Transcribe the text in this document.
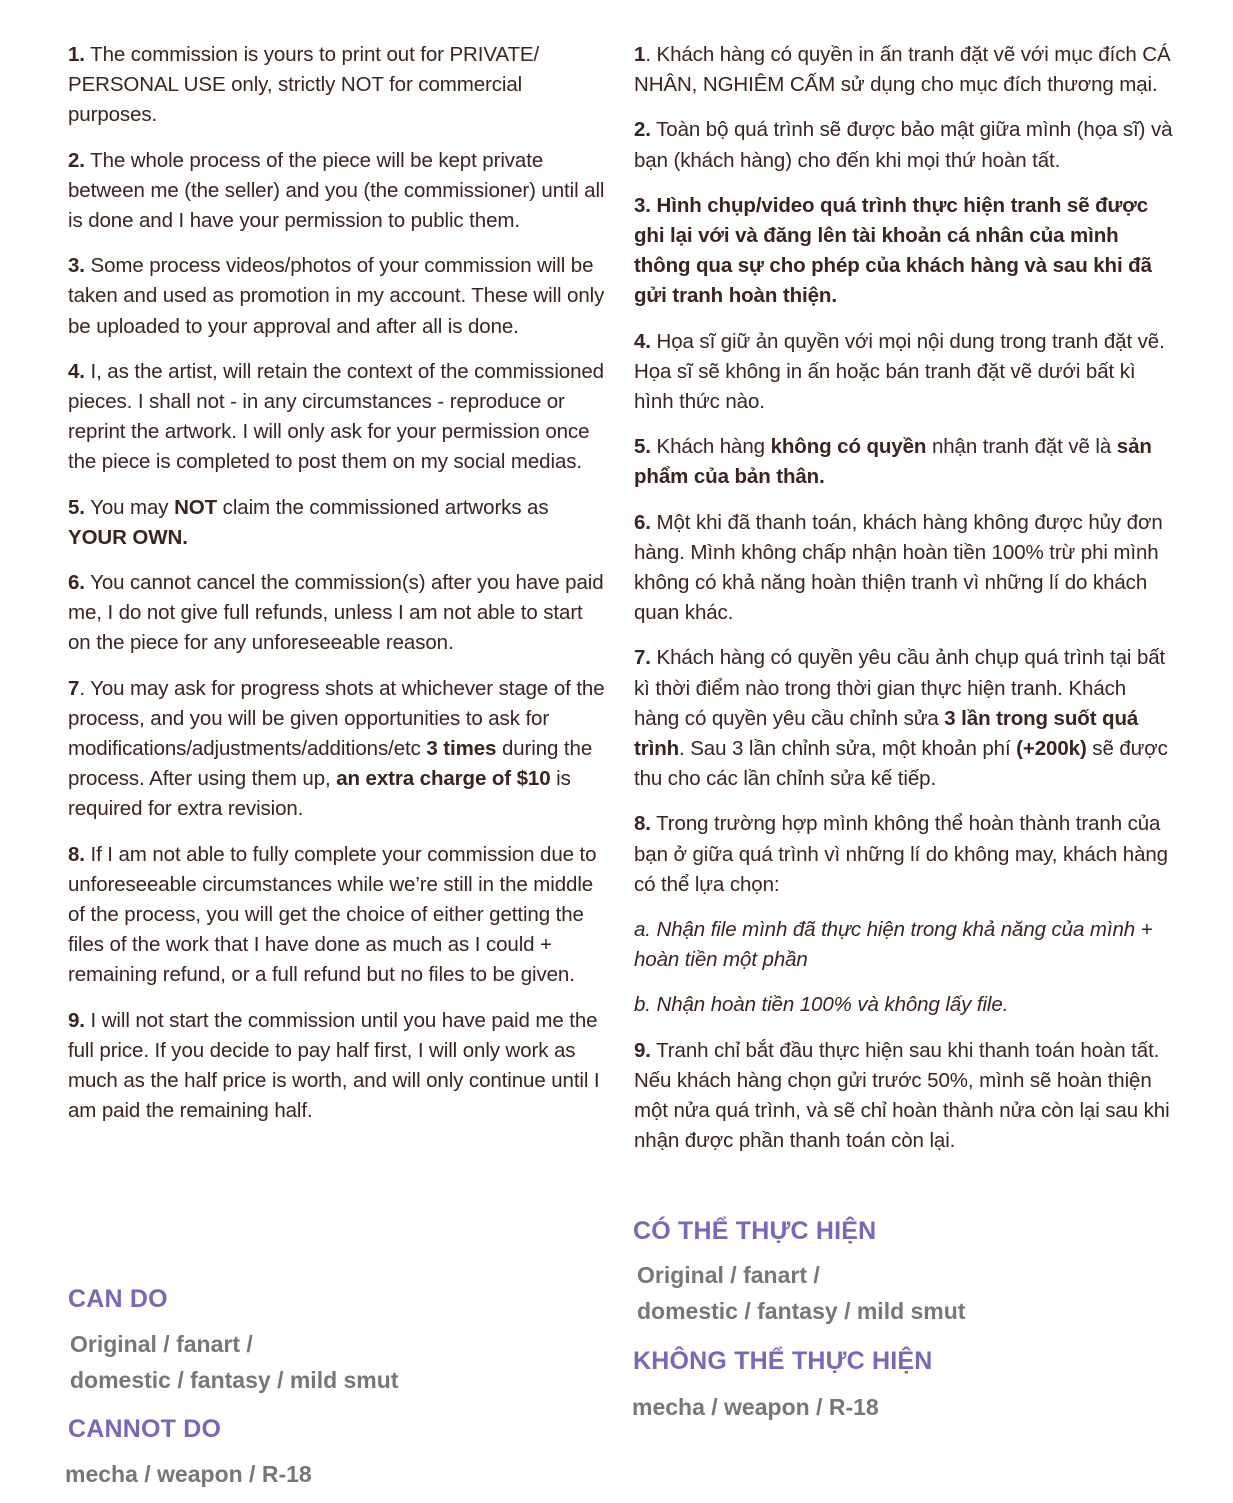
1. The commission is yours to print out for PRIVATE/ PERSONAL USE only, strictly NOT for commercial purposes.

2. The whole process of the piece will be kept private between me (the seller) and you (the commissioner) until all is done and I have your permission to public them.

3. Some process videos/photos of your commission will be taken and used as promotion in my account. These will only be uploaded to your approval and after all is done.

4. I, as the artist, will retain the context of the commissioned pieces. I shall not - in any circumstances - reproduce or reprint the artwork. I will only ask for your permission once the piece is completed to post them on my social medias.

5. You may NOT claim the commissioned artworks as YOUR OWN.

6. You cannot cancel the commission(s) after you have paid me, I do not give full refunds, unless I am not able to start on the piece for any unforeseeable reason.

7. You may ask for progress shots at whichever stage of the process, and you will be given opportunities to ask for modifications/adjustments/additions/etc 3 times during the process. After using them up, an extra charge of $10 is required for extra revision.

8. If I am not able to fully complete your commission due to unforeseeable circumstances while we’re still in the middle of the process, you will get the choice of either getting the files of the work that I have done as much as I could + remaining refund, or a full refund but no files to be given.

9. I will not start the commission until you have paid me the full price. If you decide to pay half first, I will only work as much as the half price is worth, and will only continue until I am paid the remaining half.

CAN DO
Original / fanart /
domestic / fantasy / mild smut
CANNOT DO
mecha / weapon / R-18

1. Khách hàng có quyền in ấn tranh đặt vẽ với mục đích CÁ NHÂN, NGHIÊM CẤM sử dụng cho mục đích thương mại.

2. Toàn bộ quá trình sẽ được bảo mật giữa mình (họa sĩ) và bạn (khách hàng) cho đến khi mọi thứ hoàn tất.

3. Hình chụp/video quá trình thực hiện tranh sẽ được ghi lại với và đăng lên tài khoản cá nhân của mình thông qua sự cho phép của khách hàng và sau khi đã gửi tranh hoàn thiện.

4. Họa sĩ giữ ản quyền với mọi nội dung trong tranh đặt vẽ. Họa sĩ sẽ không in ấn hoặc bán tranh đặt vẽ dưới bất kì hình thức nào.

5. Khách hàng không có quyền nhận tranh đặt vẽ là sản phẩm của bản thân.

6. Một khi đã thanh toán, khách hàng không được hủy đơn hàng. Mình không chấp nhận hoàn tiền 100% trừ phi mình không có khả năng hoàn thiện tranh vì những lí do khách quan khác.

7. Khách hàng có quyền yêu cầu ảnh chụp quá trình tại bất kì thời điểm nào trong thời gian thực hiện tranh. Khách hàng có quyền yêu cầu chỉnh sửa 3 lần trong suốt quá trình. Sau 3 lần chỉnh sửa, một khoản phí (+200k) sẽ được thu cho các lần chỉnh sửa kế tiếp.

8. Trong trường hợp mình không thể hoàn thành tranh của bạn ở giữa quá trình vì những lí do không may, khách hàng có thể lựa chọn:

a. Nhận file mình đã thực hiện trong khả năng của mình + hoàn tiền một phần

b. Nhận hoàn tiền 100% và không lấy file.

9. Tranh chỉ bắt đầu thực hiện sau khi thanh toán hoàn tất. Nếu khách hàng chọn gửi trước 50%, mình sẽ hoàn thiện một nửa quá trình, và sẽ chỉ hoàn thành nửa còn lại sau khi nhận được phần thanh toán còn lại.

CÓ THỂ THỰC HIỆN
Original / fanart /
domestic / fantasy / mild smut
KHÔNG THỂ THỰC HIỆN
mecha / weapon / R-18
